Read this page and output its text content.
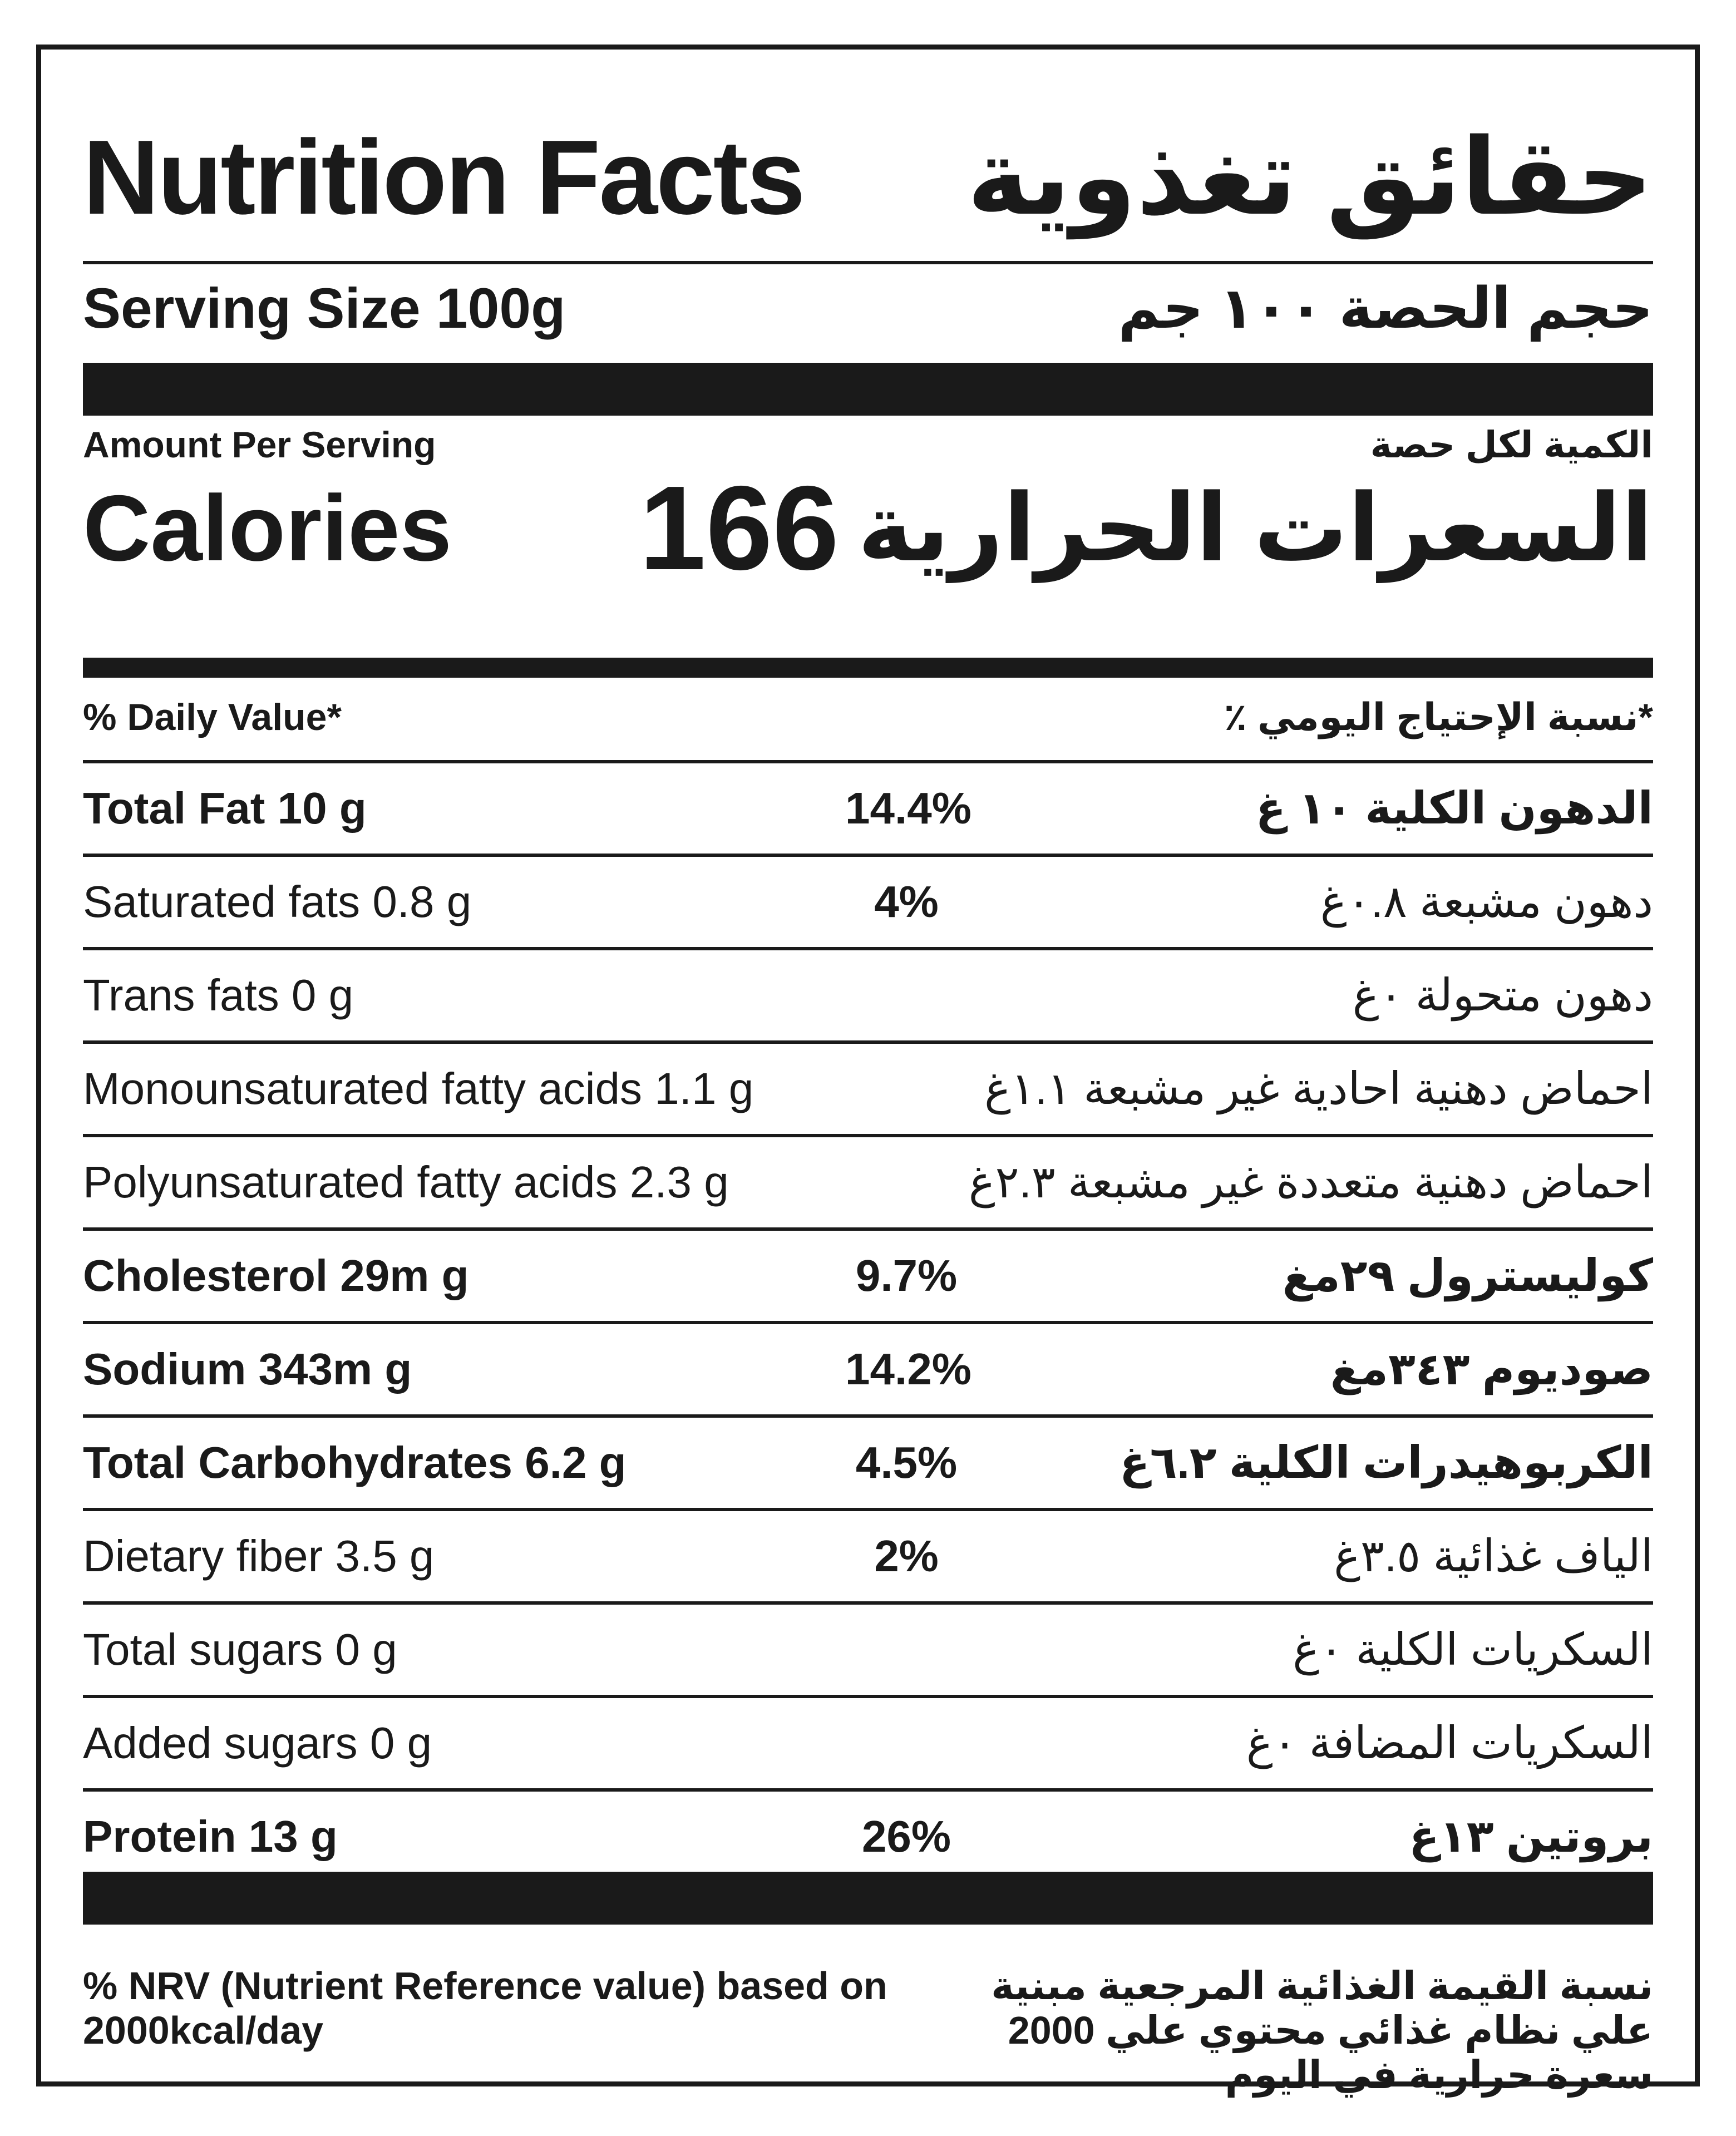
Nutrition Facts حقائق تغذوية
Serving Size 100g	حجم الحصة ١٠٠ جم
Amount Per Serving	الكمية لكل حصة
Calories 166 السعرات الحرارية
% Daily Value*	*نسبة الإحتياج اليومي ٪
Total Fat 10 g	14.4%	الدهون الكلية ١٠ غ
Saturated fats 0.8 g	4%	دهون مشبعة ٠.٨غ
Trans fats 0 g	دهون متحولة ٠غ
Monounsaturated fatty acids 1.1 g	احماض دهنية احادية غير مشبعة ١.١غ
Polyunsaturated fatty acids 2.3 g	احماض دهنية متعددة غير مشبعة ٢.٣غ
Cholesterol 29m g	9.7%	كوليسترول ٢٩مغ
Sodium 343m g	14.2%	صوديوم ٣٤٣مغ
Total Carbohydrates 6.2 g	4.5%	الكربوهيدرات الكلية ٦.٢غ
Dietary fiber 3.5 g	2%	الياف غذائية ٣.٥غ
Total sugars 0 g	السكريات الكلية ٠غ
Added sugars 0 g	السكريات المضافة ٠غ
Protein 13 g	26%	بروتين ١٣غ
% NRV (Nutrient Reference value) based on 2000kcal/day
نسبة القيمة الغذائية المرجعية مبنية علي نظام غذائي محتوي علي 2000 سعرة حرارية في اليوم
